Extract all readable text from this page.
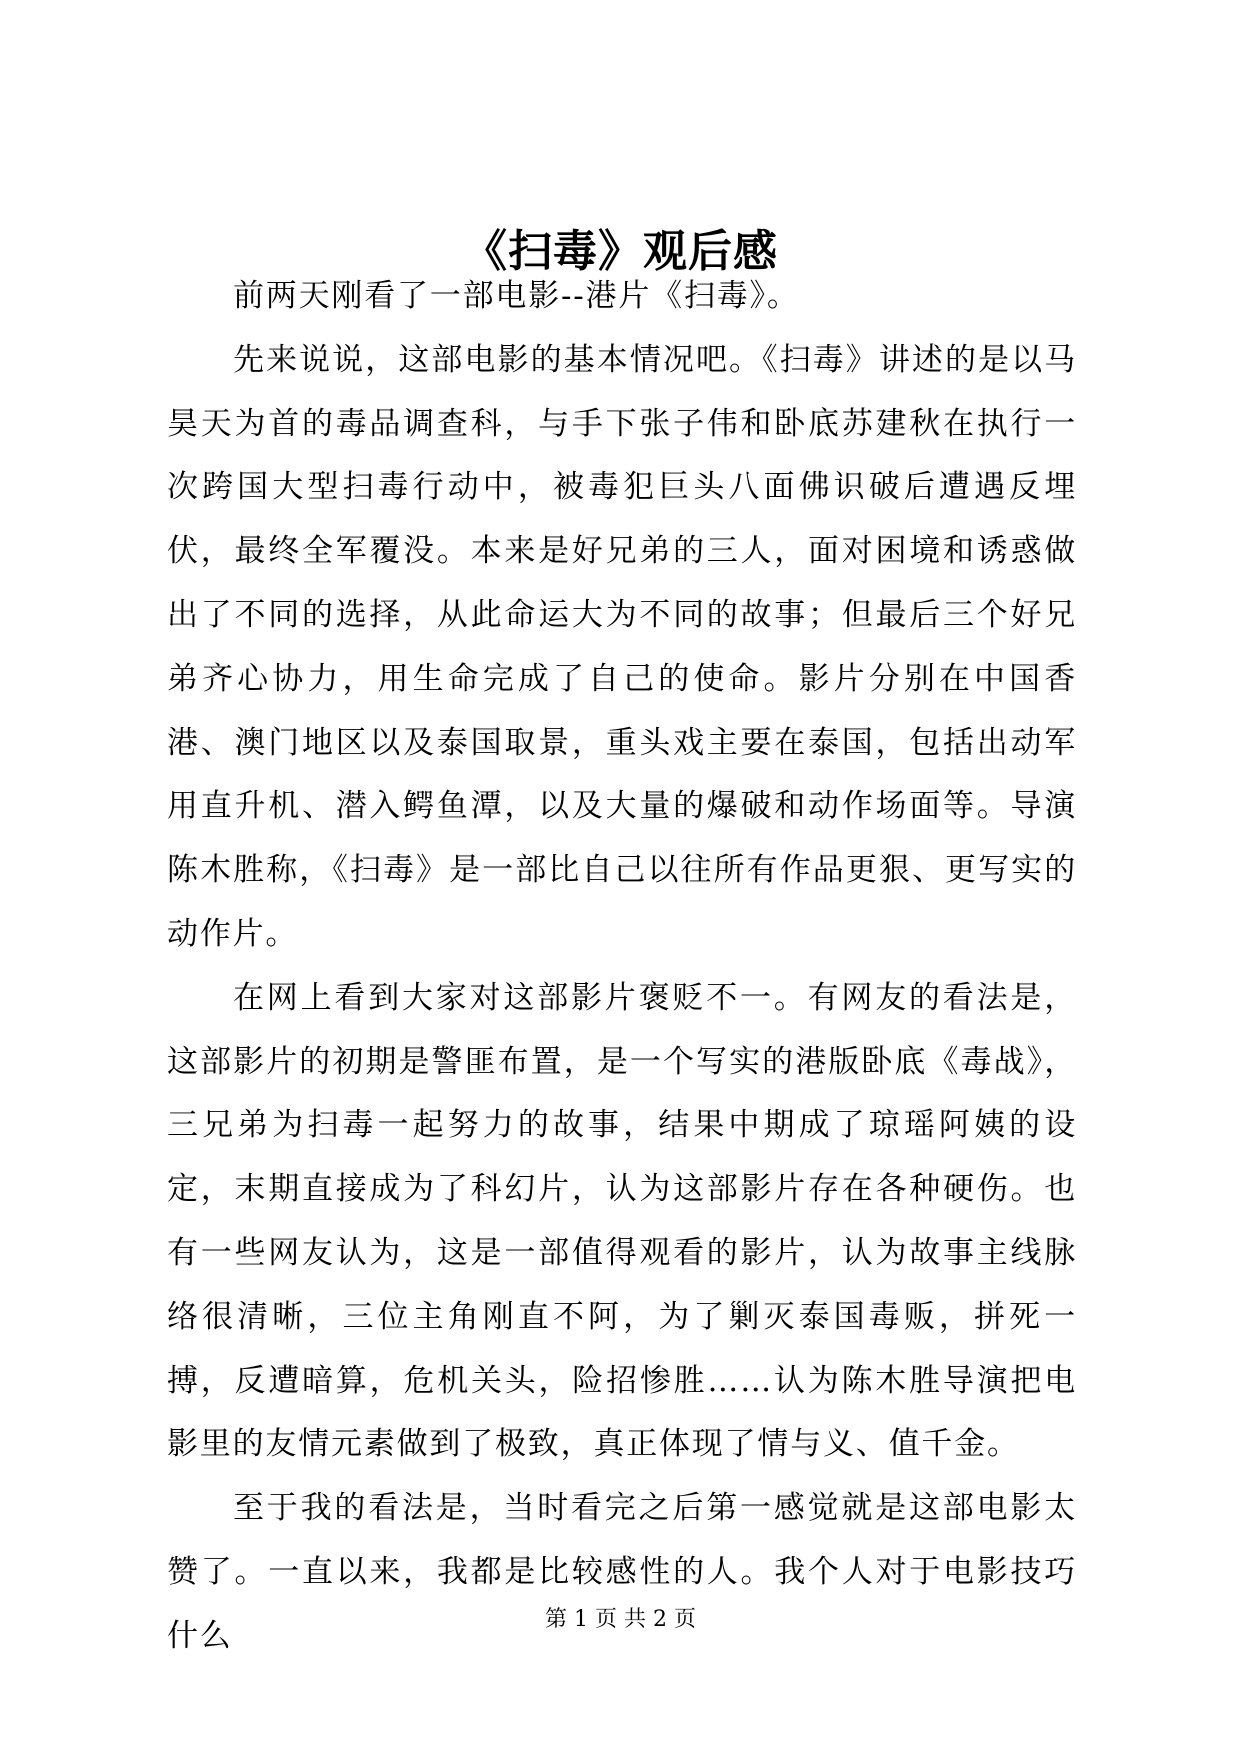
《扫毒》观后感

前两天刚看了一部电影--港片《扫毒》。

先来说说，这部电影的基本情况吧。《扫毒》讲述的是以马昊天为首的毒品调查科，与手下张子伟和卧底苏建秋在执行一次跨国大型扫毒行动中，被毒犯巨头八面佛识破后遭遇反埋伏，最终全军覆没。本来是好兄弟的三人，面对困境和诱惑做出了不同的选择，从此命运大为不同的故事；但最后三个好兄弟齐心协力，用生命完成了自己的使命。影片分别在中国香港、澳门地区以及泰国取景，重头戏主要在泰国，包括出动军用直升机、潜入鳄鱼潭，以及大量的爆破和动作场面等。导演陈木胜称，《扫毒》是一部比自己以往所有作品更狠、更写实的动作片。

在网上看到大家对这部影片褒贬不一。有网友的看法是，这部影片的初期是警匪布置，是一个写实的港版卧底《毒战》，三兄弟为扫毒一起努力的故事，结果中期成了琼瑶阿姨的设定，末期直接成为了科幻片，认为这部影片存在各种硬伤。也有一些网友认为，这是一部值得观看的影片，认为故事主线脉络很清晰，三位主角刚直不阿，为了剿灭泰国毒贩，拼死一搏，反遭暗算，危机关头，险招惨胜……认为陈木胜导演把电影里的友情元素做到了极致，真正体现了情与义、值千金。

至于我的看法是，当时看完之后第一感觉就是这部电影太赞了。一直以来，我都是比较感性的人。我个人对于电影技巧什么	第 1 页 共 2 页
